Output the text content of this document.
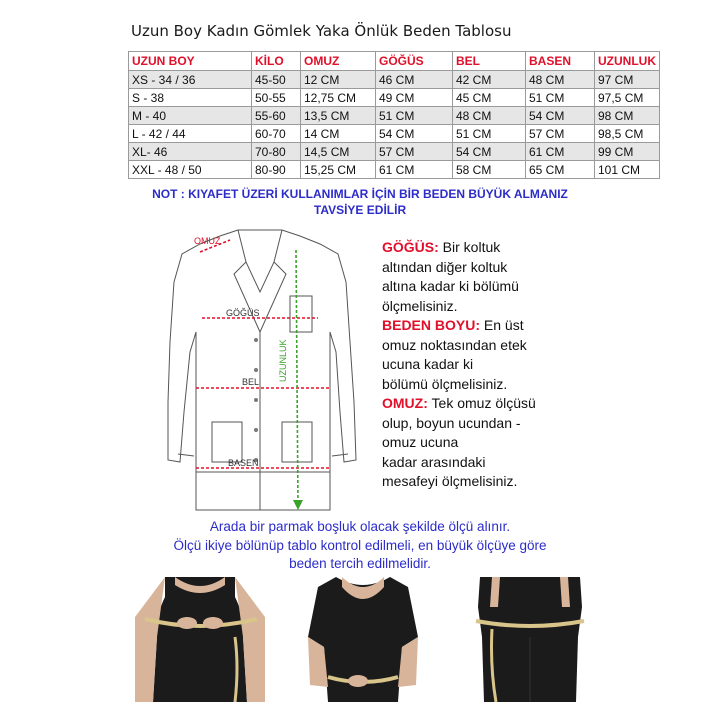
Uzun Boy Kadın Gömlek Yaka Önlük Beden Tablosu
UZUN BOY	KİLO	OMUZ	GÖĞÜS	BEL	BASEN	UZUNLUK
XS - 34 / 36	45-50	12 CM	46 CM	42 CM	48 CM	97 CM
S - 38	50-55	12,75 CM	49 CM	45 CM	51 CM	97,5 CM
M - 40	55-60	13,5 CM	51 CM	48 CM	54 CM	98 CM
L - 42 / 44	60-70	14 CM	54 CM	51 CM	57 CM	98,5 CM
XL- 46	70-80	14,5 CM	57 CM	54 CM	61 CM	99 CM
XXL - 48 / 50	80-90	15,25 CM	61 CM	58 CM	65 CM	101 CM
NOT : KIYAFET ÜZERİ KULLANIMLAR İÇİN BİR BEDEN BÜYÜK ALMANIZ
TAVSİYE EDİLİR
OMUZ
GÖĞÜS
BEL
BASEN
UZUNLUK
GÖĞÜS: Bir koltuk
altından diğer koltuk
altına kadar ki bölümü
ölçmelisiniz.
BEDEN BOYU: En üst
omuz noktasından etek
ucuna kadar ki
bölümü ölçmelisiniz.
OMUZ: Tek omuz ölçüsü
olup, boyun ucundan -
omuz ucuna
kadar arasındaki
mesafeyi ölçmelisiniz.
Arada bir parmak boşluk olacak şekilde ölçü alınır.
Ölçü ikiye bölünüp tablo kontrol edilmeli, en büyük ölçüye göre
beden tercih edilmelidir.
